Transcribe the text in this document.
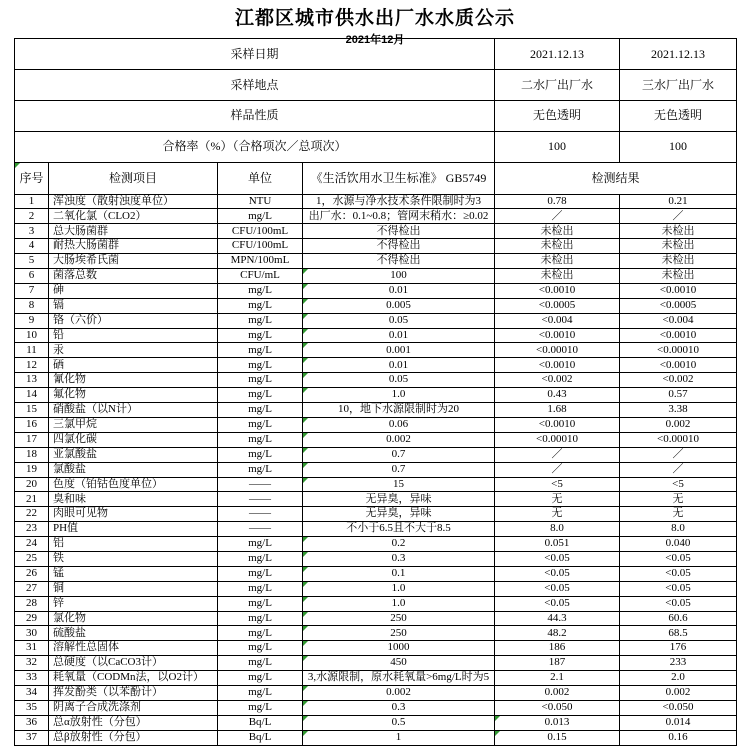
江都区城市供水出厂水水质公示
2021年12月
采样日期				2021.12.13	2021.12.13
采样地点				二水厂出厂水	三水厂出厂水
样品性质				无色透明	无色透明
合格率（%）（合格项次／总项次）				100	100

序号	检测项目	单位	《生活饮用水卫生标准》 GB5749	检测结果	
1	浑浊度（散射浊度单位）	NTU	1，水源与净水技术条件限制时为3	0.78	0.21
2	二氧化氯（CLO2）	mg/L	出厂水：0.1~0.8；管网末稍水：≥0.02	／	／
3	总大肠菌群	CFU/100mL	不得检出	未检出	未检出
4	耐热大肠菌群	CFU/100mL	不得检出	未检出	未检出
5	大肠埃希氏菌	MPN/100mL	不得检出	未检出	未检出
6	菌落总数	CFU/mL	100	未检出	未检出
7	砷	mg/L	0.01	<0.0010	<0.0010
8	镉	mg/L	0.005	<0.0005	<0.0005
9	铬（六价）	mg/L	0.05	<0.004	<0.004
10	铅	mg/L	0.01	<0.0010	<0.0010
11	汞	mg/L	0.001	<0.00010	<0.00010
12	硒	mg/L	0.01	<0.0010	<0.0010
13	氰化物	mg/L	0.05	<0.002	<0.002
14	氟化物	mg/L	1.0	0.43	0.57
15	硝酸盐（以N计）	mg/L	10，地下水源限制时为20	1.68	3.38
16	三氯甲烷	mg/L	0.06	<0.0010	0.002
17	四氯化碳	mg/L	0.002	<0.00010	<0.00010
18	亚氯酸盐	mg/L	0.7	／	／
19	氯酸盐	mg/L	0.7	／	／
20	色度（铂钴色度单位）	——	15	<5	<5
21	臭和味	——	无异臭，异味	无	无
22	肉眼可见物	——	无异臭，异味	无	无
23	PH值	——	不小于6.5且不大于8.5	8.0	8.0
24	铝	mg/L	0.2	0.051	0.040
25	铁	mg/L	0.3	<0.05	<0.05
26	锰	mg/L	0.1	<0.05	<0.05
27	铜	mg/L	1.0	<0.05	<0.05
28	锌	mg/L	1.0	<0.05	<0.05
29	氯化物	mg/L	250	44.3	60.6
30	硫酸盐	mg/L	250	48.2	68.5
31	溶解性总固体	mg/L	1000	186	176
32	总硬度（以CaCO3计）	mg/L	450	187	233
33	耗氧量（CODMn法，以O2计）	mg/L	3,水源限制，原水耗氧量>6mg/L时为5	2.1	2.0
34	挥发酚类（以苯酚计）	mg/L	0.002	0.002	0.002
35	阴离子合成洗涤剂	mg/L	0.3	<0.050	<0.050
36	总α放射性（分包）	Bq/L	0.5	0.013	0.014
37	总β放射性（分包）	Bq/L	1	0.15	0.16
